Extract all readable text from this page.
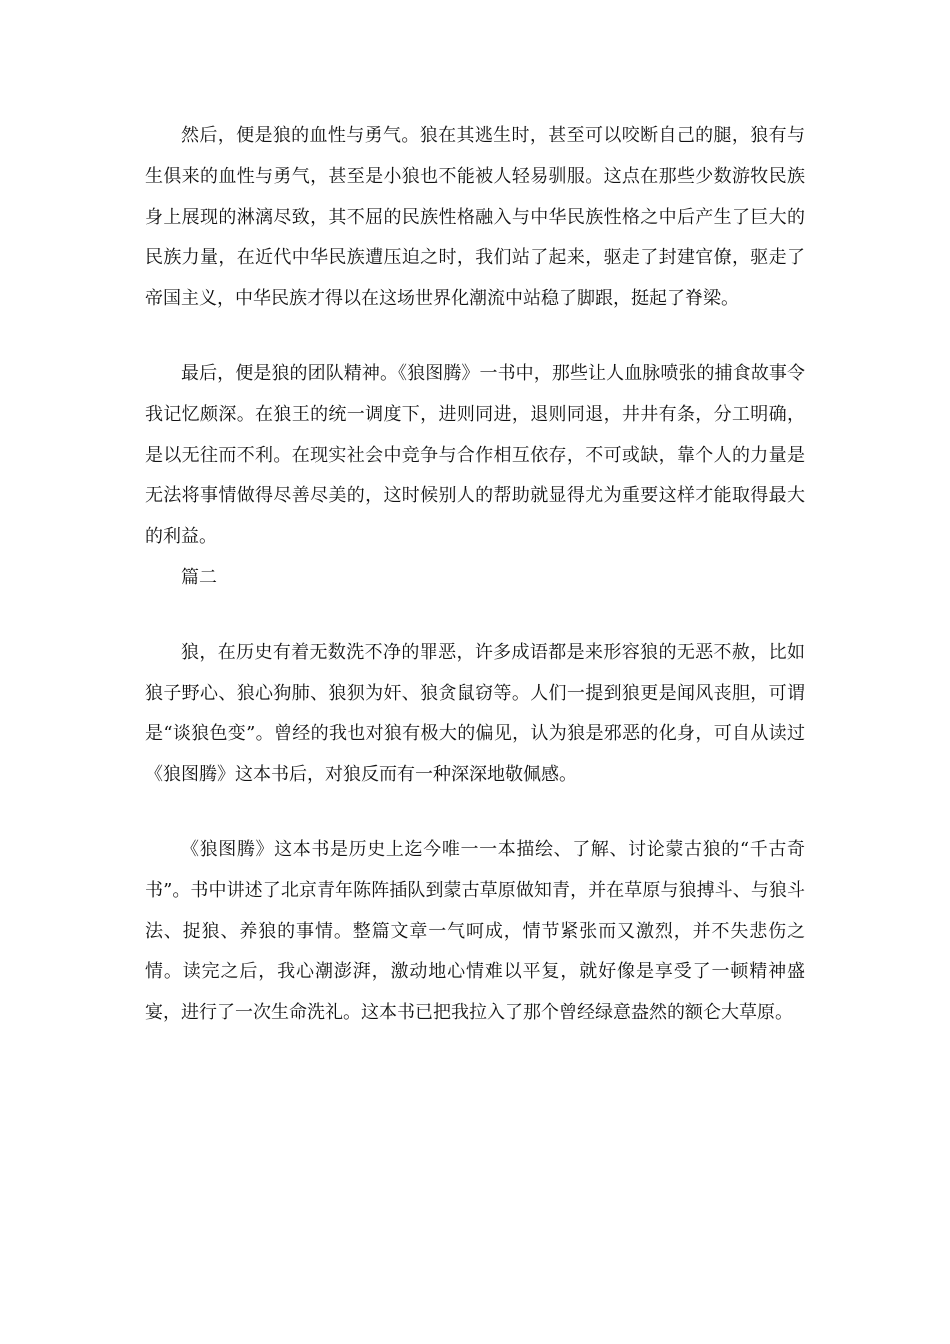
然后，便是狼的血性与勇气。狼在其逃生时，甚至可以咬断自己的腿，狼有与生俱来的血性与勇气，甚至是小狼也不能被人轻易驯服。这点在那些少数游牧民族身上展现的淋漓尽致，其不屈的民族性格融入与中华民族性格之中后产生了巨大的民族力量，在近代中华民族遭压迫之时，我们站了起来，驱走了封建官僚，驱走了帝国主义，中华民族才得以在这场世界化潮流中站稳了脚跟，挺起了脊梁。

最后，便是狼的团队精神。《狼图腾》一书中，那些让人血脉喷张的捕食故事令我记忆颇深。在狼王的统一调度下，进则同进，退则同退，井井有条，分工明确，是以无往而不利。在现实社会中竞争与合作相互依存，不可或缺，靠个人的力量是无法将事情做得尽善尽美的，这时候别人的帮助就显得尤为重要这样才能取得最大的利益。

篇二

狼，在历史有着无数洗不净的罪恶，许多成语都是来形容狼的无恶不赦，比如狼子野心、狼心狗肺、狼狈为奸、狼贪鼠窃等。人们一提到狼更是闻风丧胆，可谓是“谈狼色变”。曾经的我也对狼有极大的偏见，认为狼是邪恶的化身，可自从读过《狼图腾》这本书后，对狼反而有一种深深地敬佩感。

《狼图腾》这本书是历史上迄今唯一一本描绘、了解、讨论蒙古狼的“千古奇书”。书中讲述了北京青年陈阵插队到蒙古草原做知青，并在草原与狼搏斗、与狼斗法、捉狼、养狼的事情。整篇文章一气呵成，情节紧张而又激烈，并不失悲伤之情。读完之后，我心潮澎湃，激动地心情难以平复，就好像是享受了一顿精神盛宴，进行了一次生命洗礼。这本书已把我拉入了那个曾经绿意盎然的额仑大草原。
